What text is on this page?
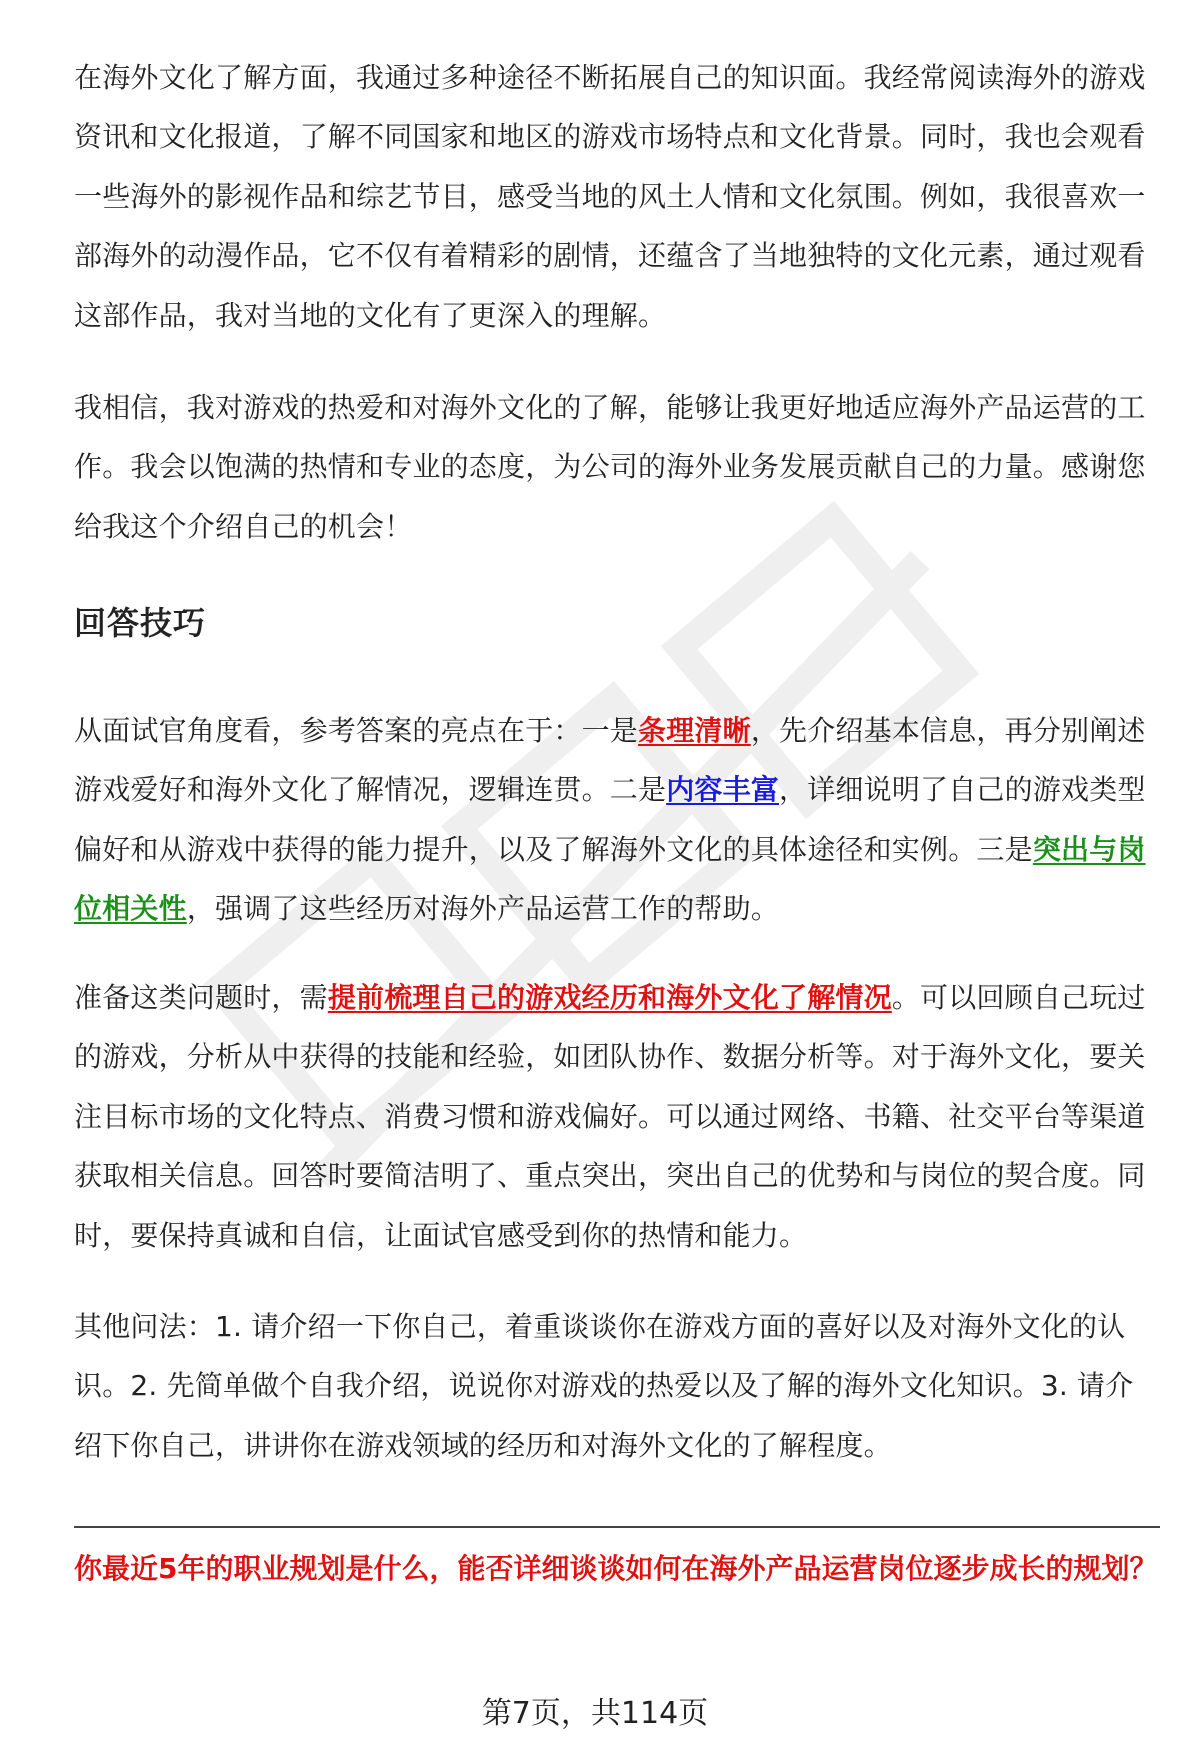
在海外文化了解方面，我通过多种途径不断拓展自己的知识面。我经常阅读海外的游戏资讯和文化报道，了解不同国家和地区的游戏市场特点和文化背景。同时，我也会观看一些海外的影视作品和综艺节目，感受当地的风土人情和文化氛围。例如，我很喜欢一部海外的动漫作品，它不仅有着精彩的剧情，还蕴含了当地独特的文化元素，通过观看这部作品，我对当地的文化有了更深入的理解。

我相信，我对游戏的热爱和对海外文化的了解，能够让我更好地适应海外产品运营的工作。我会以饱满的热情和专业的态度，为公司的海外业务发展贡献自己的力量。感谢您给我这个介绍自己的机会！

回答技巧

从面试官角度看，参考答案的亮点在于：一是条理清晰，先介绍基本信息，再分别阐述游戏爱好和海外文化了解情况，逻辑连贯。二是内容丰富，详细说明了自己的游戏类型偏好和从游戏中获得的能力提升，以及了解海外文化的具体途径和实例。三是突出与岗位相关性，强调了这些经历对海外产品运营工作的帮助。

准备这类问题时，需提前梳理自己的游戏经历和海外文化了解情况。可以回顾自己玩过的游戏，分析从中获得的技能和经验，如团队协作、数据分析等。对于海外文化，要关注目标市场的文化特点、消费习惯和游戏偏好。可以通过网络、书籍、社交平台等渠道获取相关信息。回答时要简洁明了、重点突出，突出自己的优势和与岗位的契合度。同时，要保持真诚和自信，让面试官感受到你的热情和能力。

其他问法：1. 请介绍一下你自己，着重谈谈你在游戏方面的喜好以及对海外文化的认识。2. 先简单做个自我介绍，说说你对游戏的热爱以及了解的海外文化知识。3. 请介绍下你自己，讲讲你在游戏领域的经历和对海外文化的了解程度。

你最近5年的职业规划是什么，能否详细谈谈如何在海外产品运营岗位逐步成长的规划？

第7页，共114页
